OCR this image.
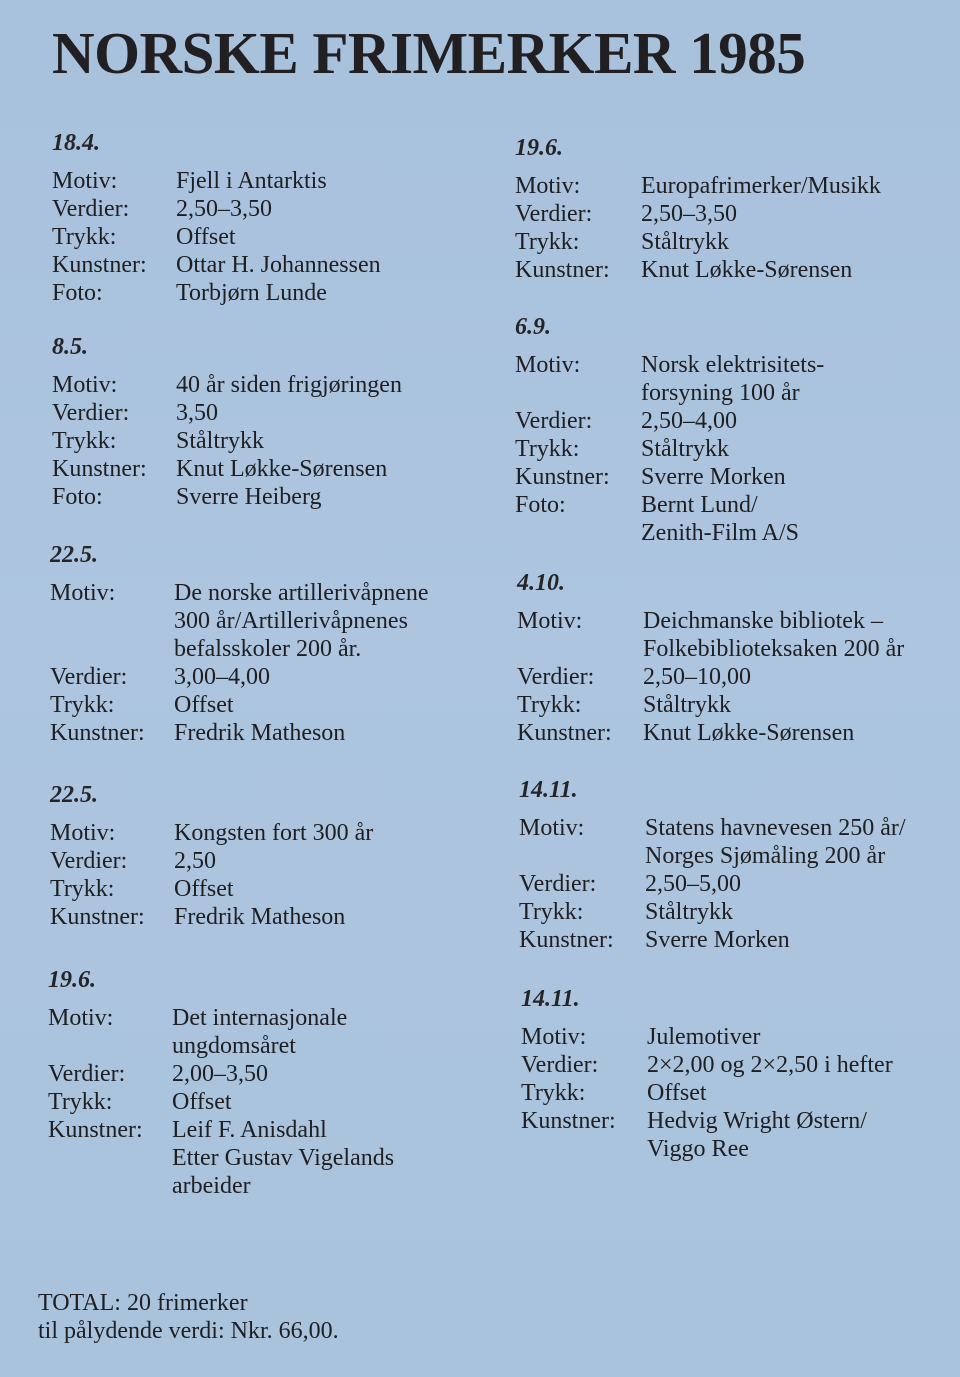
NORSKE FRIMERKER 1985
18.4.
Motiv:	Fjell i Antarktis
Verdier:	2,50–3,50
Trykk:	Offset
Kunstner:	Ottar H. Johannessen
Foto:	Torbjørn Lunde
8.5.
Motiv:	40 år siden frigjøringen
Verdier:	3,50
Trykk:	Ståltrykk
Kunstner:	Knut Løkke-Sørensen
Foto:	Sverre Heiberg
22.5.
Motiv:	De norske artillerivåpnene
300 år/Artillerivåpnenes
befalsskoler 200 år.
Verdier:	3,00–4,00
Trykk:	Offset
Kunstner:	Fredrik Matheson
22.5.
Motiv:	Kongsten fort 300 år
Verdier:	2,50
Trykk:	Offset
Kunstner:	Fredrik Matheson
19.6.
Motiv:	Det internasjonale
ungdomsåret
Verdier:	2,00–3,50
Trykk:	Offset
Kunstner:	Leif F. Anisdahl
Etter Gustav Vigelands
arbeider
19.6.
Motiv:	Europafrimerker/Musikk
Verdier:	2,50–3,50
Trykk:	Ståltrykk
Kunstner:	Knut Løkke-Sørensen
6.9.
Motiv:	Norsk elektrisitets-
forsyning 100 år
Verdier:	2,50–4,00
Trykk:	Ståltrykk
Kunstner:	Sverre Morken
Foto:	Bernt Lund/
Zenith-Film A/S
4.10.
Motiv:	Deichmanske bibliotek –
Folkebiblioteksaken 200 år
Verdier:	2,50–10,00
Trykk:	Ståltrykk
Kunstner:	Knut Løkke-Sørensen
14.11.
Motiv:	Statens havnevesen 250 år/
Norges Sjømåling 200 år
Verdier:	2,50–5,00
Trykk:	Ståltrykk
Kunstner:	Sverre Morken
14.11.
Motiv:	Julemotiver
Verdier:	2×2,00 og 2×2,50 i hefter
Trykk:	Offset
Kunstner:	Hedvig Wright Østern/
Viggo Ree
TOTAL: 20 frimerker
til pålydende verdi: Nkr. 66,00.
